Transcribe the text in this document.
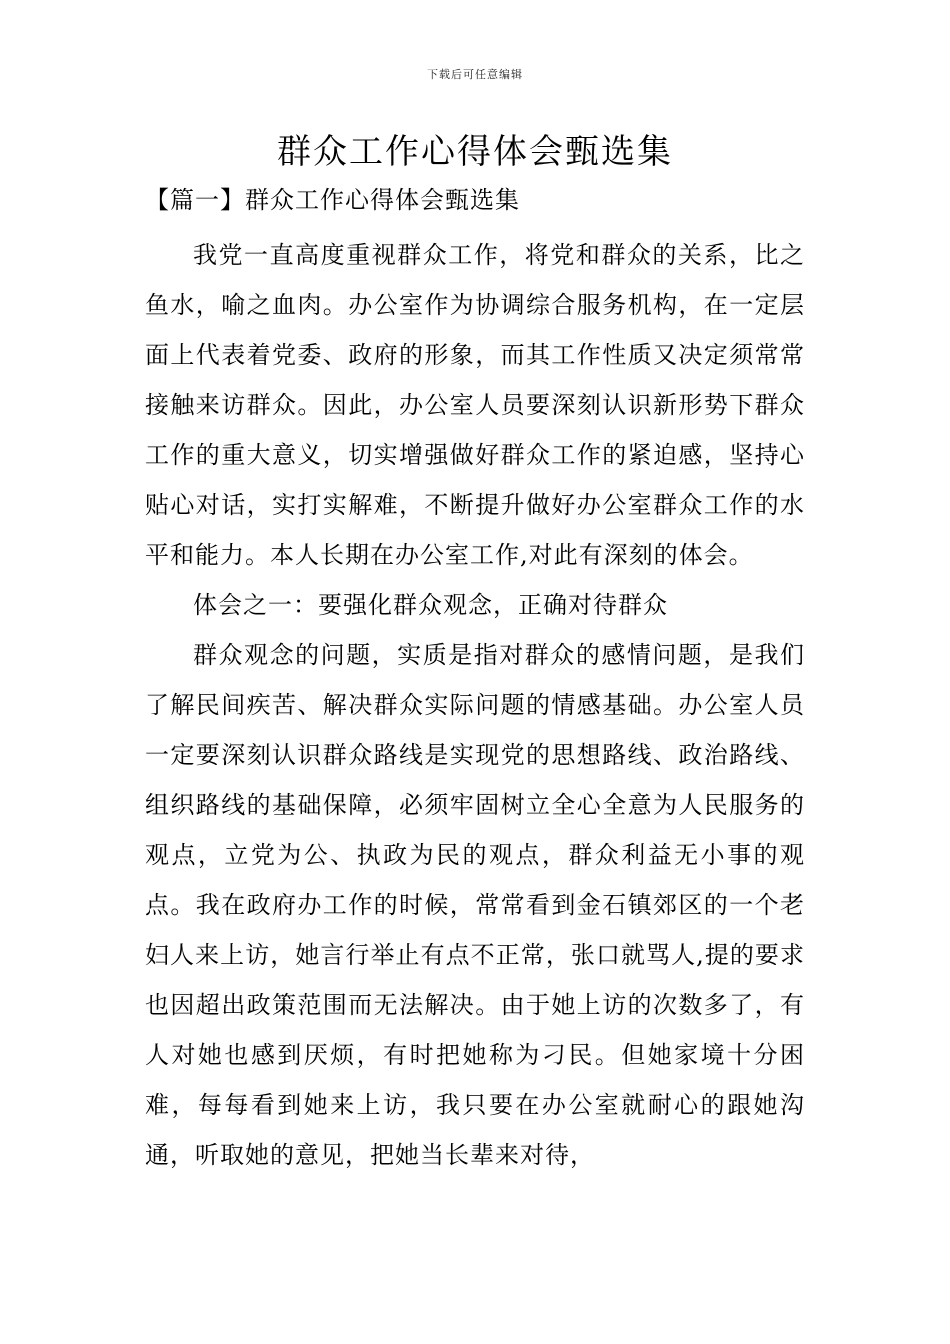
下载后可任意编辑
群众工作心得体会甄选集
【篇一】群众工作心得体会甄选集

我党一直高度重视群众工作，将党和群众的关系，比之鱼水，喻之血肉。办公室作为协调综合服务机构，在一定层面上代表着党委、政府的形象，而其工作性质又决定须常常接触来访群众。因此，办公室人员要深刻认识新形势下群众工作的重大意义，切实增强做好群众工作的紧迫感，坚持心贴心对话，实打实解难，不断提升做好办公室群众工作的水平和能力。本人长期在办公室工作,对此有深刻的体会。

体会之一：要强化群众观念，正确对待群众

群众观念的问题，实质是指对群众的感情问题，是我们了解民间疾苦、解决群众实际问题的情感基础。办公室人员一定要深刻认识群众路线是实现党的思想路线、政治路线、组织路线的基础保障，必须牢固树立全心全意为人民服务的观点，立党为公、执政为民的观点，群众利益无小事的观点。我在政府办工作的时候，常常看到金石镇郊区的一个老妇人来上访，她言行举止有点不正常，张口就骂人,提的要求也因超出政策范围而无法解决。由于她上访的次数多了，有人对她也感到厌烦，有时把她称为刁民。但她家境十分困难，每每看到她来上访，我只要在办公室就耐心的跟她沟通，听取她的意见，把她当长辈来对待，
